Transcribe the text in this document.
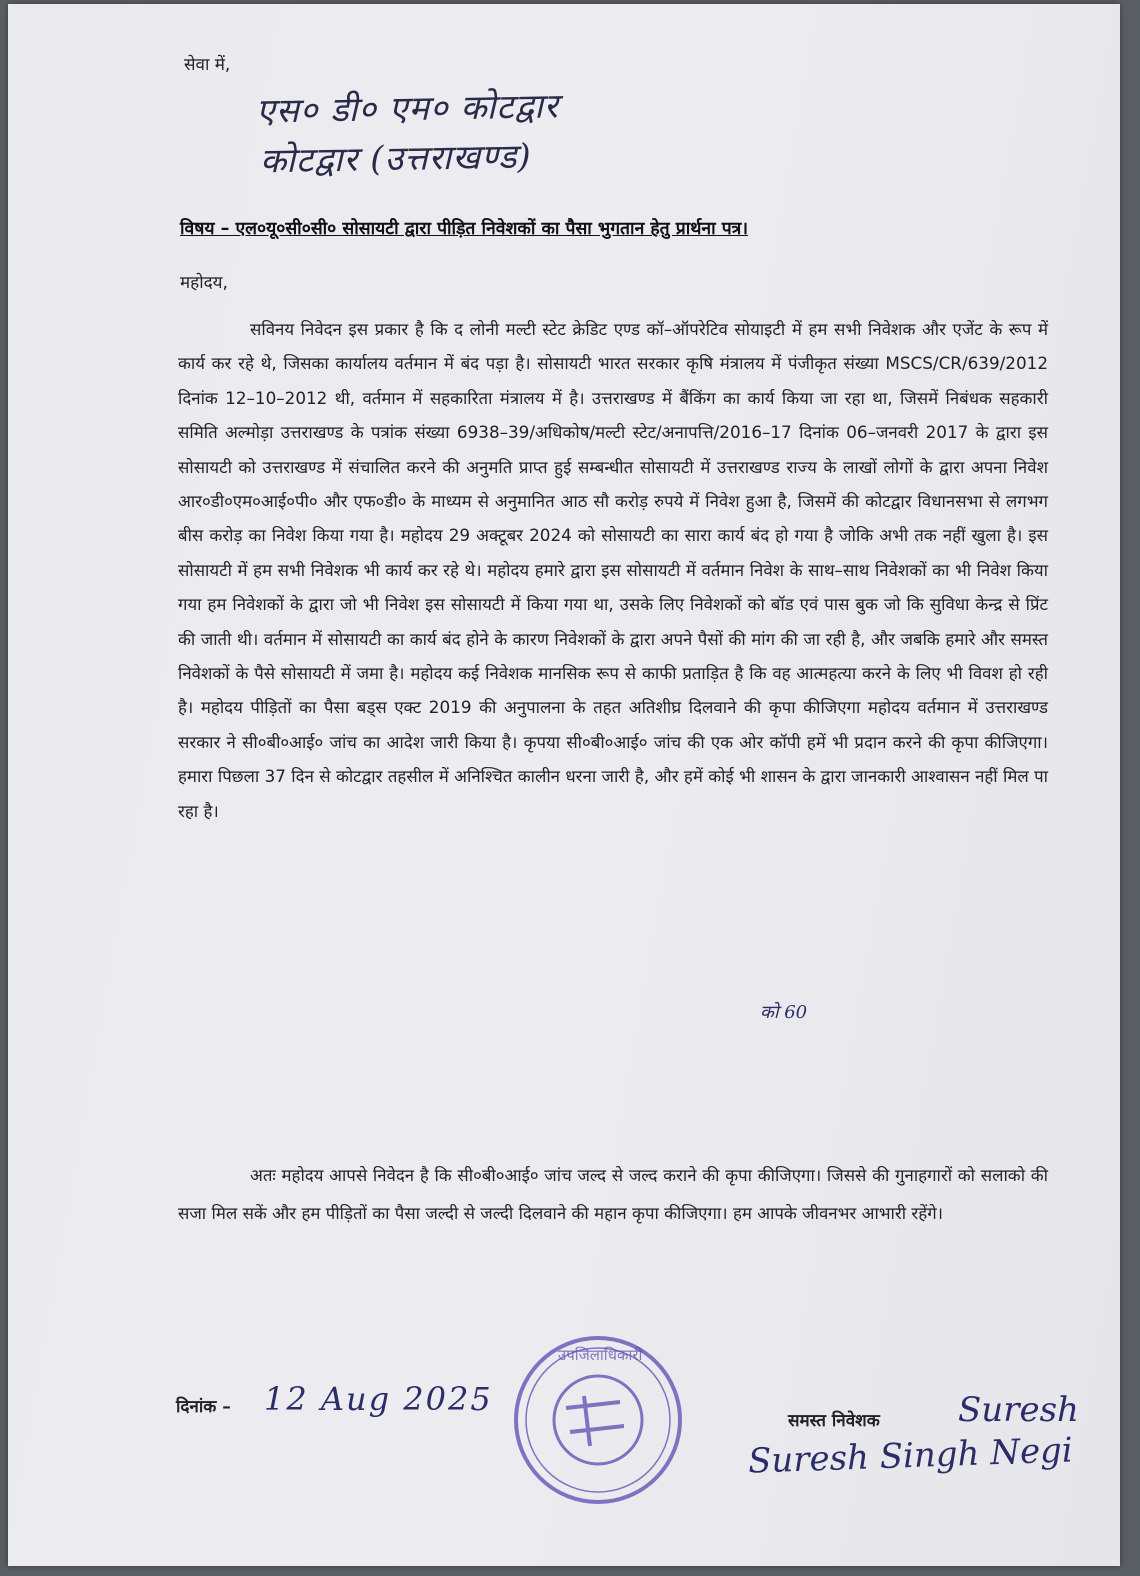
सेवा में,
एस० डी० एम० कोटद्वार
कोटद्वार (उत्तराखण्ड)
विषय – एल०यू०सी०सी० सोसायटी द्वारा पीड़ित निवेशकों का पैसा भुगतान हेतु प्रार्थना पत्र।
महोदय,

सविनय निवेदन इस प्रकार है कि द लोनी मल्टी स्टेट क्रेडिट एण्ड कॉ–ऑपरेटिव सोयाइटी में हम सभी निवेशक और एजेंट के रूप में कार्य कर रहे थे, जिसका कार्यालय वर्तमान में बंद पड़ा है। सोसायटी भारत सरकार कृषि मंत्रालय में पंजीकृत संख्या MSCS/CR/639/2012 दिनांक 12–10–2012 थी, वर्तमान में सहकारिता मंत्रालय में है। उत्तराखण्ड में बैंकिंग का कार्य किया जा रहा था, जिसमें निबंधक सहकारी समिति अल्मोड़ा उत्तराखण्ड के पत्रांक संख्या 6938–39/अधिकोष/मल्टी स्टेट/अनापत्ति/2016–17 दिनांक 06–जनवरी 2017 के द्वारा इस सोसायटी को उत्तराखण्ड में संचालित करने की अनुमति प्राप्त हुई सम्बन्धीत सोसायटी में उत्तराखण्ड राज्य के लाखों लोगों के द्वारा अपना निवेश आर०डी०एम०आई०पी० और एफ०डी० के माध्यम से अनुमानित आठ सौ करोड़ रुपये में निवेश हुआ है, जिसमें की कोटद्वार विधानसभा से लगभग बीस करोड़ का निवेश किया गया है। महोदय 29 अक्टूबर 2024 को सोसायटी का सारा कार्य बंद हो गया है जोकि अभी तक नहीं खुला है। इस सोसायटी में हम सभी निवेशक भी कार्य कर रहे थे। महोदय हमारे द्वारा इस सोसायटी में वर्तमान निवेश के साथ–साथ निवेशकों का भी निवेश किया गया हम निवेशकों के द्वारा जो भी निवेश इस सोसायटी में किया गया था, उसके लिए निवेशकों को बॉड एवं पास बुक जो कि सुविधा केन्द्र से प्रिंट की जाती थी। वर्तमान में सोसायटी का कार्य बंद होने के कारण निवेशकों के द्वारा अपने पैसों की मांग की जा रही है, और जबकि हमारे और समस्त निवेशकों के पैसे सोसायटी में जमा है। महोदय कई निवेशक मानसिक रूप से काफी प्रताड़ित है कि वह आत्महत्या करने के लिए भी विवश हो रही है। महोदय पीड़ितों का पैसा बड्स एक्ट 2019 की अनुपालना के तहत अतिशीघ्र दिलवाने की कृपा कीजिएगा महोदय वर्तमान में उत्तराखण्ड सरकार ने सी०बी०आई० जांच का आदेश जारी किया है। कृपया सी०बी०आई० जांच की एक ओर कॉपी हमें भी प्रदान करने की कृपा कीजिएगा। हमारा पिछला 37 दिन से कोटद्वार तहसील में अनिश्चित कालीन धरना जारी है, और हमें कोई भी शासन के द्वारा जानकारी आश्वासन नहीं मिल पा रहा है।

को 60

अतः महोदय आपसे निवेदन है कि सी०बी०आई० जांच जल्द से जल्द कराने की कृपा कीजिएगा। जिससे की गुनाहगारों को सलाको की सजा मिल सकें और हम पीड़ितों का पैसा जल्दी से जल्दी दिलवाने की महान कृपा कीजिएगा। हम आपके जीवनभर आभारी रहेंगे।

दिनांक – 12 Aug 2025
उपजिलाधिकारी
समस्त निवेशक Suresh
Suresh Singh Negi
